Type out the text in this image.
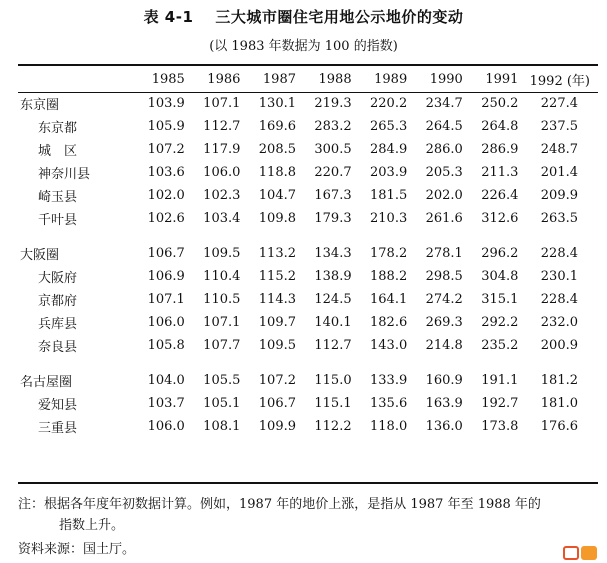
表 4-1 三大城市圈住宅用地公示地价的变动
(以 1983 年数据为 100 的指数)
	1985	1986	1987	1988	1989	1990	1991	1992 (年)
东京圈	103.9	107.1	130.1	219.3	220.2	234.7	250.2	227.4
东京都	105.9	112.7	169.6	283.2	265.3	264.5	264.8	237.5
城　区	107.2	117.9	208.5	300.5	284.9	286.0	286.9	248.7
神奈川县	103.6	106.0	118.8	220.7	203.9	205.3	211.3	201.4
崎玉县	102.0	102.3	104.7	167.3	181.5	202.0	226.4	209.9
千叶县	102.6	103.4	109.8	179.3	210.3	261.6	312.6	263.5

大阪圈	106.7	109.5	113.2	134.3	178.2	278.1	296.2	228.4
大阪府	106.9	110.4	115.2	138.9	188.2	298.5	304.8	230.1
京都府	107.1	110.5	114.3	124.5	164.1	274.2	315.1	228.4
兵库县	106.0	107.1	109.7	140.1	182.6	269.3	292.2	232.0
奈良县	105.8	107.7	109.5	112.7	143.0	214.8	235.2	200.9

名古屋圈	104.0	105.5	107.2	115.0	133.9	160.9	191.1	181.2
爱知县	103.7	105.1	106.7	115.1	135.6	163.9	192.7	181.0
三重县	106.0	108.1	109.9	112.2	118.0	136.0	173.8	176.6
注：根据各年度年初数据计算。例如，1987 年的地价上涨，是指从 1987 年至 1988 年的
指数上升。
资料来源：国土厅。
